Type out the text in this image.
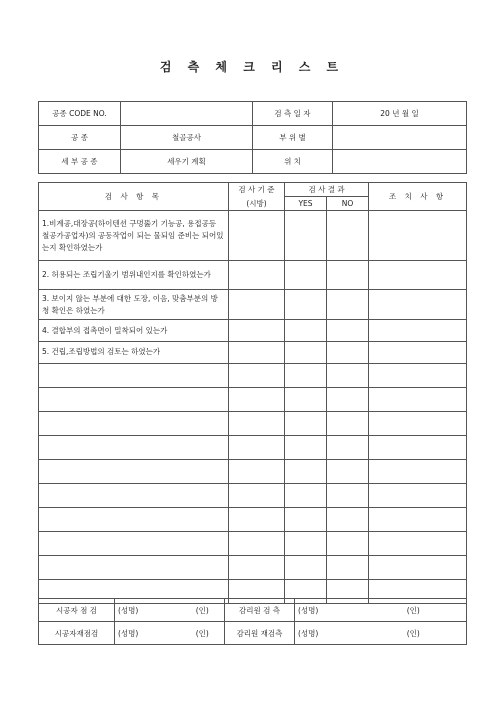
검 측 체 크 리 스 트
공종 CODE NO.		검 측 일 자	20 년 월 일
공 종	철골공사	부 위 별	
세 부 공 종	세우기 계획	위 치	
검 사 항 목	검 사 기 준	검 사 결 과		조 치 사 항
	(시방)	YES	NO	
1.비계공,대장공(하이텐션 구멍뚫기 기능공, 용접공등 철공가공업자)의 공동작업이 되는 물되임 준비는 되어있는지 확인하였는가				
2. 허용되는 조립기울기 범위내인지를 확인하였는가				
3. 보이지 않는 부분에 대한 도장, 이음, 맞춤부분의 방청 확인은 하였는가				
4. 결합부의 접촉면이 밀착되어 있는가				
5. 건립,조립방법의 검토는 하였는가				

시공자 점 검	(성명)	(인)	감리원 검 측	(성명)	(인)
시공자재점검	(성명)	(인)	감리원 재검측	(성명)	(인)
